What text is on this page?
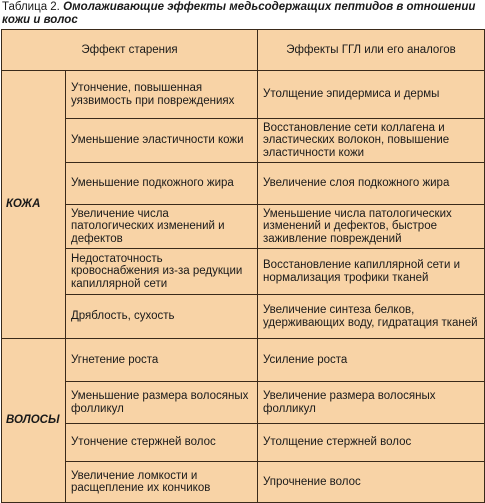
Таблица 2. Омолаживающие эффекты медьсодержащих пептидов в отношении кожи и волос
Эффект старения		Эффекты ГГЛ или его аналогов
КОЖА	Утончение, повышенная уязвимость при повреждениях	Утолщение эпидермиса и дермы
	Уменьшение эластичности кожи	Восстановление сети коллагена и эластических волокон, повышение эластичности кожи
	Уменьшение подкожного жира	Увеличение слоя подкожного жира
	Увеличение числа патологических изменений и дефектов	Уменьшение числа патологических изменений и дефектов, быстрое заживление повреждений
	Недостаточность кровоснабжения из-за редукции капиллярной сети	Восстановление капиллярной сети и нормализация трофики тканей
	Дряблость, сухость	Увеличение синтеза белков, удерживающих воду, гидратация тканей
ВОЛОСЫ	Угнетение роста	Усиление роста
	Уменьшение размера волосяных фолликул	Увеличение размера волосяных фолликул
	Утончение стержней волос	Утолщение стержней волос
	Увеличение ломкости и расщепление их кончиков	Упрочнение волос
